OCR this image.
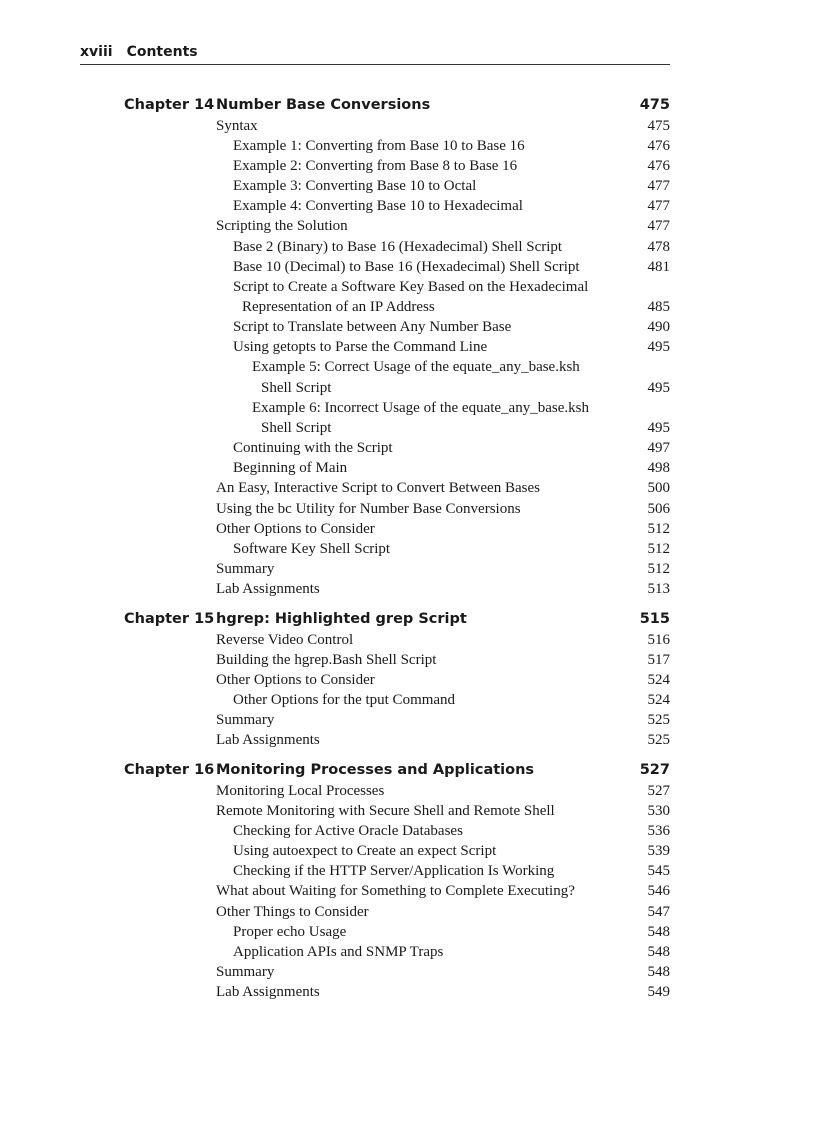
xviii Contents
Chapter 14 Number Base Conversions	475
Syntax	475
Example 1: Converting from Base 10 to Base 16	476
Example 2: Converting from Base 8 to Base 16	476
Example 3: Converting Base 10 to Octal	477
Example 4: Converting Base 10 to Hexadecimal	477
Scripting the Solution	477
Base 2 (Binary) to Base 16 (Hexadecimal) Shell Script	478
Base 10 (Decimal) to Base 16 (Hexadecimal) Shell Script	481
Script to Create a Software Key Based on the Hexadecimal
Representation of an IP Address	485
Script to Translate between Any Number Base	490
Using getopts to Parse the Command Line	495
Example 5: Correct Usage of the equate_any_base.ksh
Shell Script	495
Example 6: Incorrect Usage of the equate_any_base.ksh
Shell Script	495
Continuing with the Script	497
Beginning of Main	498
An Easy, Interactive Script to Convert Between Bases	500
Using the bc Utility for Number Base Conversions	506
Other Options to Consider	512
Software Key Shell Script	512
Summary	512
Lab Assignments	513
Chapter 15 hgrep: Highlighted grep Script	515
Reverse Video Control	516
Building the hgrep.Bash Shell Script	517
Other Options to Consider	524
Other Options for the tput Command	524
Summary	525
Lab Assignments	525
Chapter 16 Monitoring Processes and Applications	527
Monitoring Local Processes	527
Remote Monitoring with Secure Shell and Remote Shell	530
Checking for Active Oracle Databases	536
Using autoexpect to Create an expect Script	539
Checking if the HTTP Server/Application Is Working	545
What about Waiting for Something to Complete Executing?	546
Other Things to Consider	547
Proper echo Usage	548
Application APIs and SNMP Traps	548
Summary	548
Lab Assignments	549
